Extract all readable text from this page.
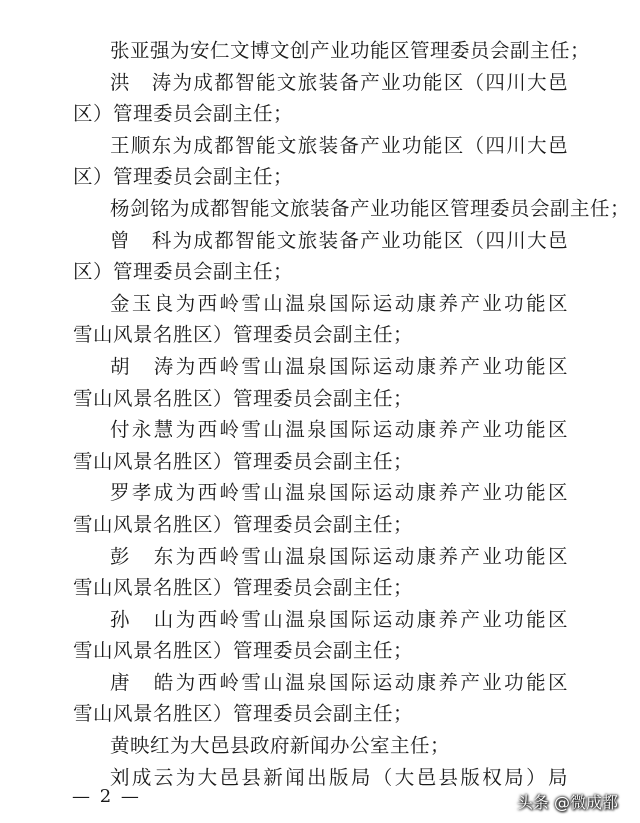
张亚强为安仁文博文创产业功能区管理委员会副主任；
洪　涛为成都智能文旅装备产业功能区（四川大邑
区）管理委员会副主任；
王顺东为成都智能文旅装备产业功能区（四川大邑
区）管理委员会副主任；
杨剑铭为成都智能文旅装备产业功能区管理委员会副主任；
曾　科为成都智能文旅装备产业功能区（四川大邑
区）管理委员会副主任；
金玉良为西岭雪山温泉国际运动康养产业功能区
雪山风景名胜区）管理委员会副主任；
胡　涛为西岭雪山温泉国际运动康养产业功能区
雪山风景名胜区）管理委员会副主任；
付永慧为西岭雪山温泉国际运动康养产业功能区
雪山风景名胜区）管理委员会副主任；
罗孝成为西岭雪山温泉国际运动康养产业功能区
雪山风景名胜区）管理委员会副主任；
彭　东为西岭雪山温泉国际运动康养产业功能区
雪山风景名胜区）管理委员会副主任；
孙　山为西岭雪山温泉国际运动康养产业功能区
雪山风景名胜区）管理委员会副主任；
唐　皓为西岭雪山温泉国际运动康养产业功能区
雪山风景名胜区）管理委员会副主任；
黄映红为大邑县政府新闻办公室主任；
刘成云为大邑县新闻出版局（大邑县版权局）局
— 2 —	头条 @微成都
